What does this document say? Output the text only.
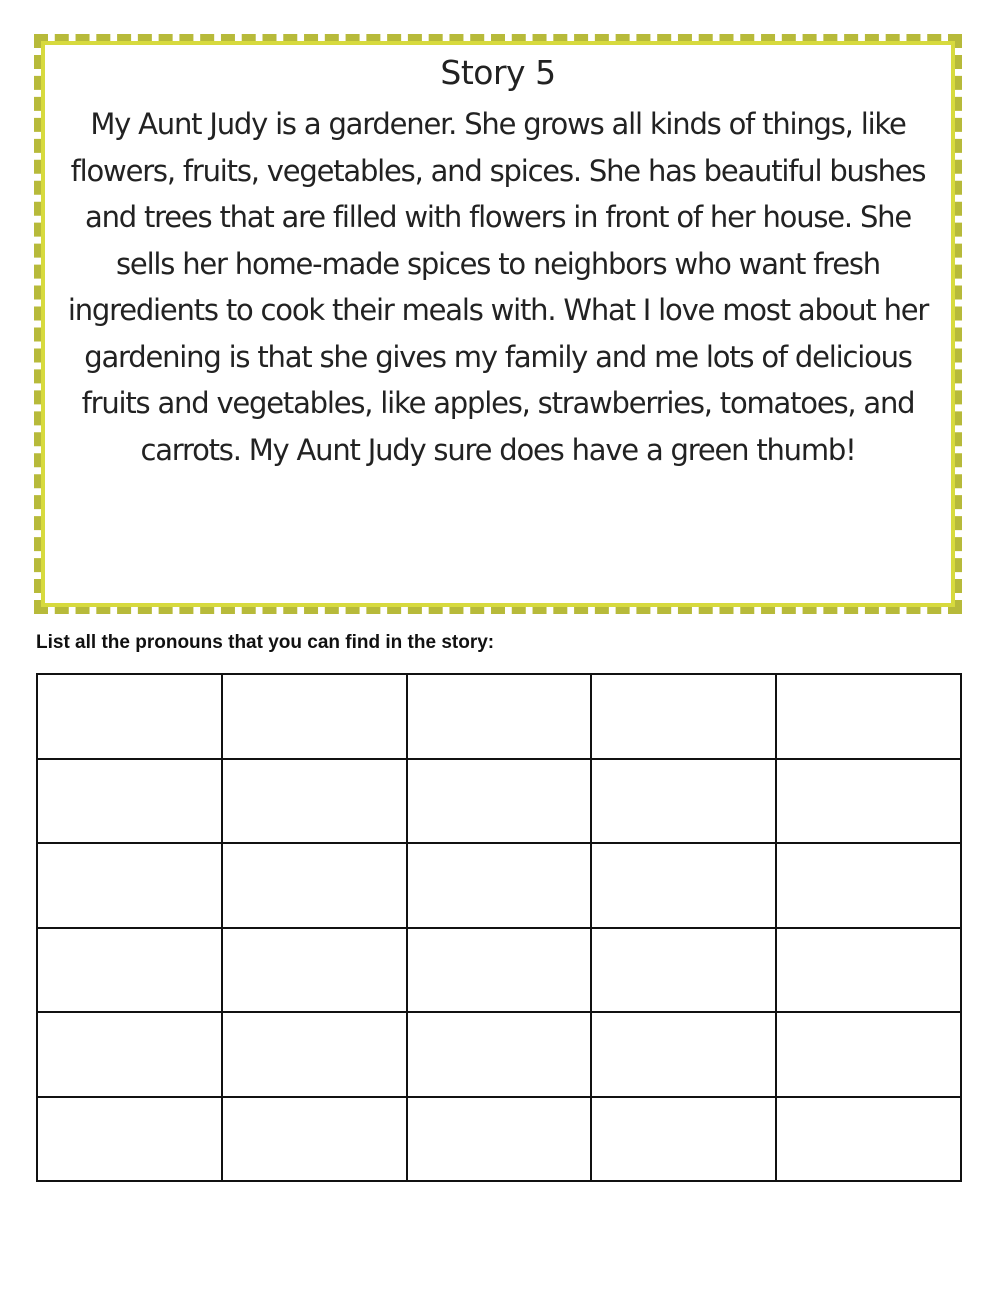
Story 5
My Aunt Judy is a gardener. She grows all kinds of things, like flowers, fruits, vegetables, and spices. She has beautiful bushes and trees that are filled with flowers in front of her house. She sells her home-made spices to neighbors who want fresh ingredients to cook their meals with. What I love most about her gardening is that she gives my family and me lots of delicious fruits and vegetables, like apples, strawberries, tomatoes, and carrots. My Aunt Judy sure does have a green thumb!
List all the pronouns that you can find in the story:
